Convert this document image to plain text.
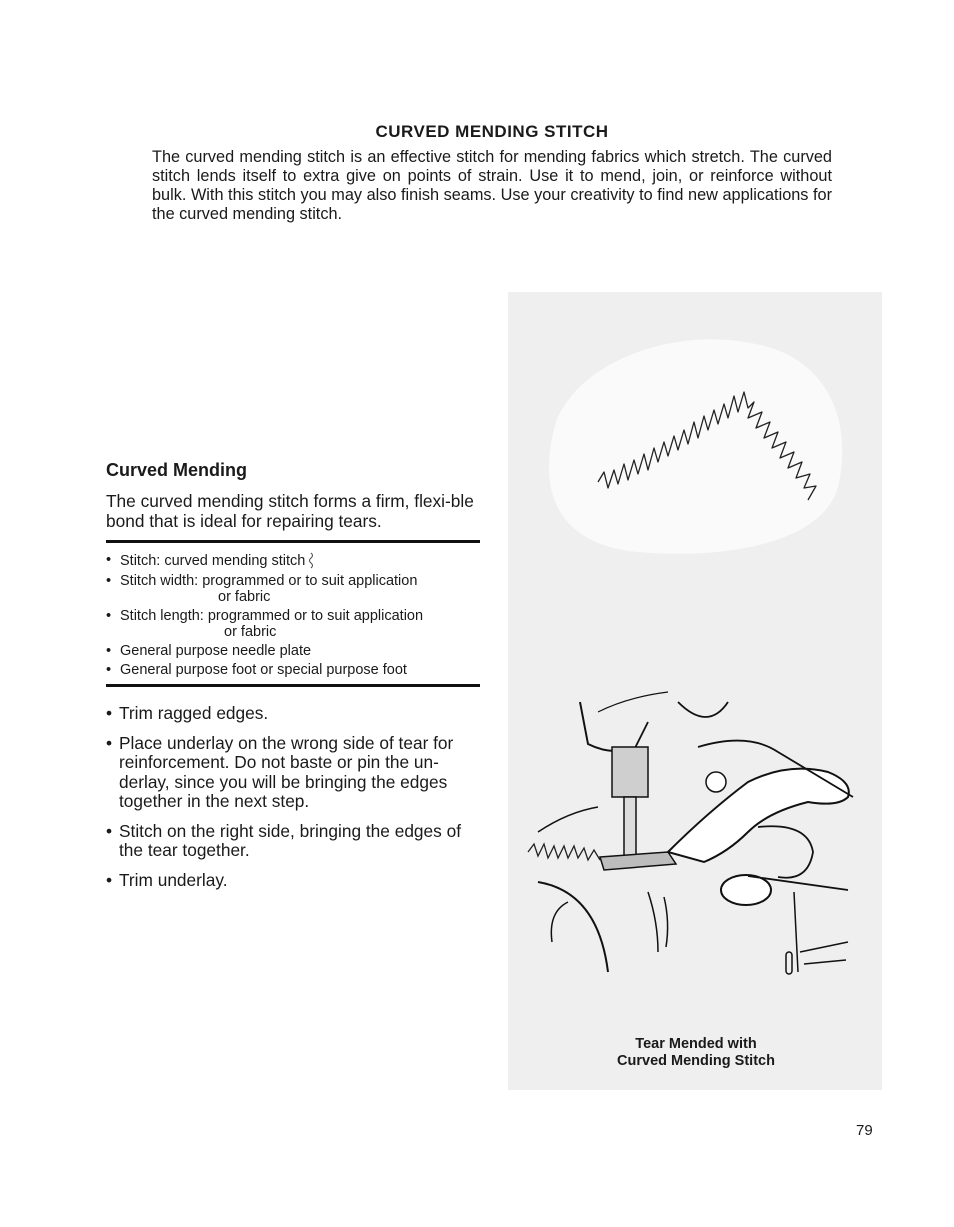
CURVED MENDING STITCH

The curved mending stitch is an effective stitch for mending fabrics which stretch. The curved stitch lends itself to extra give on points of strain. Use it to mend, join, or reinforce without bulk. With this stitch you may also finish seams. Use your creativity to find new applications for the curved mending stitch.

Curved Mending

The curved mending stitch forms a firm, flexi-ble bond that is ideal for repairing tears.

• Stitch: curved mending stitch
• Stitch width: programmed or to suit application
or fabric
• Stitch length: programmed or to suit application
or fabric
• General purpose needle plate
• General purpose foot or special purpose foot
• Trim ragged edges.
• Place underlay on the wrong side of tear for reinforcement. Do not baste or pin the un-derlay, since you will be bringing the edges together in the next step.
• Stitch on the right side, bringing the edges of the tear together.
• Trim underlay.
Tear Mended with
Curved Mending Stitch
79
